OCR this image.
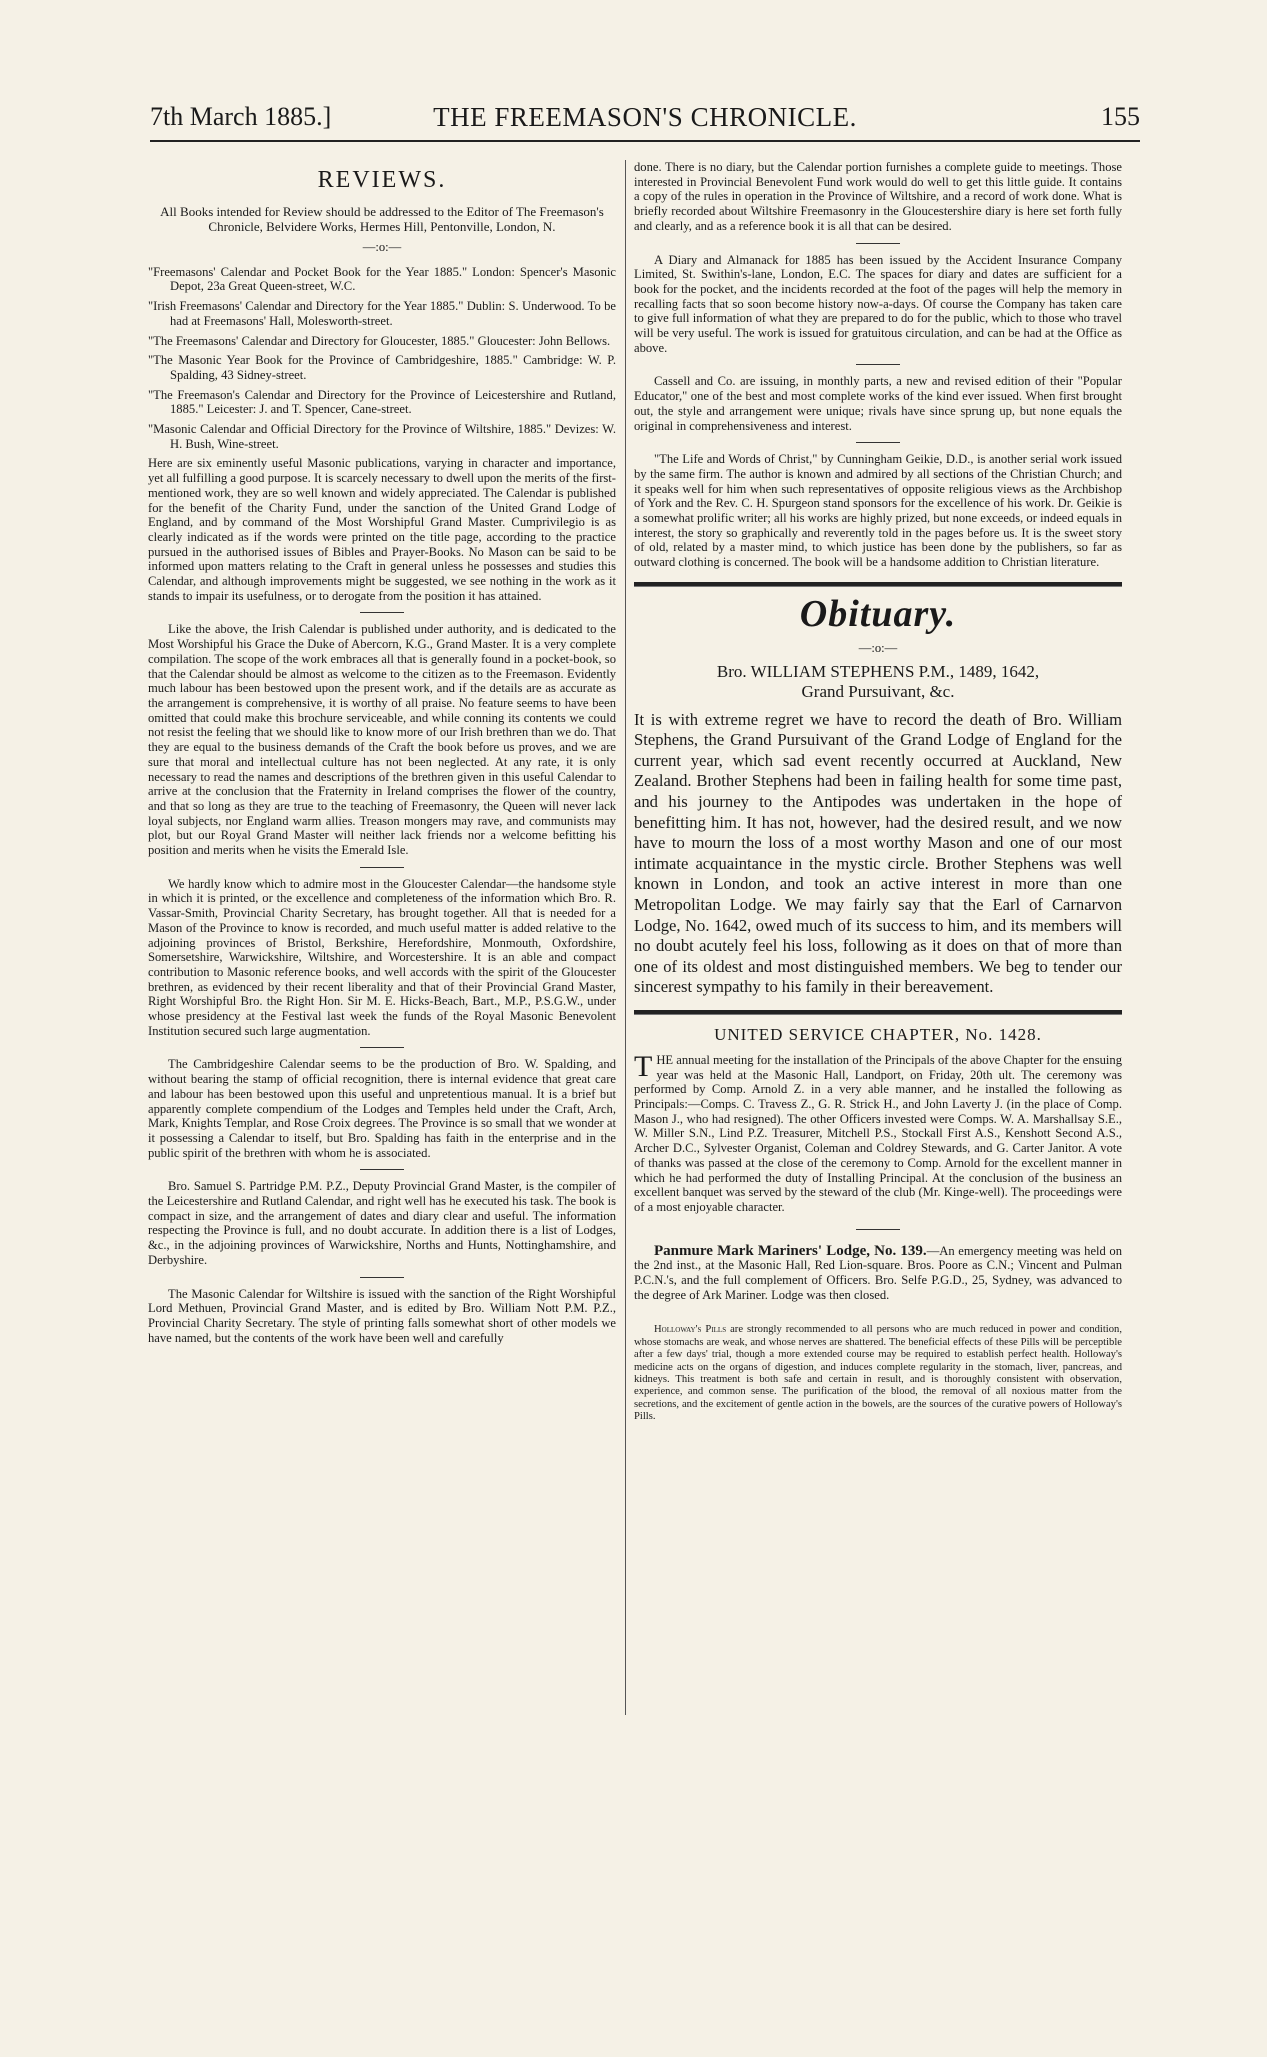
7th March 1885.]	THE FREEMASON'S CHRONICLE.	155
REVIEWS.

All Books intended for Review should be addressed to the Editor of The Freemason's Chronicle, Belvidere Works, Hermes Hill, Pentonville, London, N.

—:o:—

"Freemasons' Calendar and Pocket Book for the Year 1885." London: Spencer's Masonic Depot, 23a Great Queen-street, W.C.

"Irish Freemasons' Calendar and Directory for the Year 1885." Dublin: S. Underwood. To be had at Freemasons' Hall, Molesworth-street.

"The Freemasons' Calendar and Directory for Gloucester, 1885." Gloucester: John Bellows.

"The Masonic Year Book for the Province of Cambridgeshire, 1885." Cambridge: W. P. Spalding, 43 Sidney-street.

"The Freemason's Calendar and Directory for the Province of Leicestershire and Rutland, 1885." Leicester: J. and T. Spencer, Cane-street.

"Masonic Calendar and Official Directory for the Province of Wiltshire, 1885." Devizes: W. H. Bush, Wine-street.

Here are six eminently useful Masonic publications, varying in character and importance, yet all fulfilling a good purpose. It is scarcely necessary to dwell upon the merits of the first-mentioned work, they are so well known and widely appreciated. The Calendar is published for the benefit of the Charity Fund, under the sanction of the United Grand Lodge of England, and by command of the Most Worshipful Grand Master. Cumprivilegio is as clearly indicated as if the words were printed on the title page, according to the practice pursued in the authorised issues of Bibles and Prayer-Books. No Mason can be said to be informed upon matters relating to the Craft in general unless he possesses and studies this Calendar, and although improvements might be suggested, we see nothing in the work as it stands to impair its usefulness, or to derogate from the position it has attained.

Like the above, the Irish Calendar is published under authority, and is dedicated to the Most Worshipful his Grace the Duke of Abercorn, K.G., Grand Master. It is a very complete compilation. The scope of the work embraces all that is generally found in a pocket-book, so that the Calendar should be almost as welcome to the citizen as to the Freemason. Evidently much labour has been bestowed upon the present work, and if the details are as accurate as the arrangement is comprehensive, it is worthy of all praise. No feature seems to have been omitted that could make this brochure serviceable, and while conning its contents we could not resist the feeling that we should like to know more of our Irish brethren than we do. That they are equal to the business demands of the Craft the book before us proves, and we are sure that moral and intellectual culture has not been neglected. At any rate, it is only necessary to read the names and descriptions of the brethren given in this useful Calendar to arrive at the conclusion that the Fraternity in Ireland comprises the flower of the country, and that so long as they are true to the teaching of Freemasonry, the Queen will never lack loyal subjects, nor England warm allies. Treason mongers may rave, and communists may plot, but our Royal Grand Master will neither lack friends nor a welcome befitting his position and merits when he visits the Emerald Isle.

We hardly know which to admire most in the Gloucester Calendar—the handsome style in which it is printed, or the excellence and completeness of the information which Bro. R. Vassar-Smith, Provincial Charity Secretary, has brought together. All that is needed for a Mason of the Province to know is recorded, and much useful matter is added relative to the adjoining provinces of Bristol, Berkshire, Herefordshire, Monmouth, Oxfordshire, Somersetshire, Warwickshire, Wiltshire, and Worcestershire. It is an able and compact contribution to Masonic reference books, and well accords with the spirit of the Gloucester brethren, as evidenced by their recent liberality and that of their Provincial Grand Master, Right Worshipful Bro. the Right Hon. Sir M. E. Hicks-Beach, Bart., M.P., P.S.G.W., under whose presidency at the Festival last week the funds of the Royal Masonic Benevolent Institution secured such large augmentation.

The Cambridgeshire Calendar seems to be the production of Bro. W. Spalding, and without bearing the stamp of official recognition, there is internal evidence that great care and labour has been bestowed upon this useful and unpretentious manual. It is a brief but apparently complete compendium of the Lodges and Temples held under the Craft, Arch, Mark, Knights Templar, and Rose Croix degrees. The Province is so small that we wonder at it possessing a Calendar to itself, but Bro. Spalding has faith in the enterprise and in the public spirit of the brethren with whom he is associated.

Bro. Samuel S. Partridge P.M. P.Z., Deputy Provincial Grand Master, is the compiler of the Leicestershire and Rutland Calendar, and right well has he executed his task. The book is compact in size, and the arrangement of dates and diary clear and useful. The information respecting the Province is full, and no doubt accurate. In addition there is a list of Lodges, &c., in the adjoining provinces of Warwickshire, Norths and Hunts, Nottinghamshire, and Derbyshire.

The Masonic Calendar for Wiltshire is issued with the sanction of the Right Worshipful Lord Methuen, Provincial Grand Master, and is edited by Bro. William Nott P.M. P.Z., Provincial Charity Secretary. The style of printing falls somewhat short of other models we have named, but the contents of the work have been well and carefully

done. There is no diary, but the Calendar portion furnishes a complete guide to meetings. Those interested in Provincial Benevolent Fund work would do well to get this little guide. It contains a copy of the rules in operation in the Province of Wiltshire, and a record of work done. What is briefly recorded about Wiltshire Freemasonry in the Gloucestershire diary is here set forth fully and clearly, and as a reference book it is all that can be desired.

A Diary and Almanack for 1885 has been issued by the Accident Insurance Company Limited, St. Swithin's-lane, London, E.C. The spaces for diary and dates are sufficient for a book for the pocket, and the incidents recorded at the foot of the pages will help the memory in recalling facts that so soon become history now-a-days. Of course the Company has taken care to give full information of what they are prepared to do for the public, which to those who travel will be very useful. The work is issued for gratuitous circulation, and can be had at the Office as above.

Cassell and Co. are issuing, in monthly parts, a new and revised edition of their "Popular Educator," one of the best and most complete works of the kind ever issued. When first brought out, the style and arrangement were unique; rivals have since sprung up, but none equals the original in comprehensiveness and interest.

"The Life and Words of Christ," by Cunningham Geikie, D.D., is another serial work issued by the same firm. The author is known and admired by all sections of the Christian Church; and it speaks well for him when such representatives of opposite religious views as the Archbishop of York and the Rev. C. H. Spurgeon stand sponsors for the excellence of his work. Dr. Geikie is a somewhat prolific writer; all his works are highly prized, but none exceeds, or indeed equals in interest, the story so graphically and reverently told in the pages before us. It is the sweet story of old, related by a master mind, to which justice has been done by the publishers, so far as outward clothing is concerned. The book will be a handsome addition to Christian literature.

Obituary.
—:o:—
Bro. WILLIAM STEPHENS P.M., 1489, 1642,
Grand Pursuivant, &c.

It is with extreme regret we have to record the death of Bro. William Stephens, the Grand Pursuivant of the Grand Lodge of England for the current year, which sad event recently occurred at Auckland, New Zealand. Brother Stephens had been in failing health for some time past, and his journey to the Antipodes was undertaken in the hope of benefitting him. It has not, however, had the desired result, and we now have to mourn the loss of a most worthy Mason and one of our most intimate acquaintance in the mystic circle. Brother Stephens was well known in London, and took an active interest in more than one Metropolitan Lodge. We may fairly say that the Earl of Carnarvon Lodge, No. 1642, owed much of its success to him, and its members will no doubt acutely feel his loss, following as it does on that of more than one of its oldest and most distinguished members. We beg to tender our sincerest sympathy to his family in their bereavement.

UNITED SERVICE CHAPTER, No. 1428.

THE annual meeting for the installation of the Principals of the above Chapter for the ensuing year was held at the Masonic Hall, Landport, on Friday, 20th ult. The ceremony was performed by Comp. Arnold Z. in a very able manner, and he installed the following as Principals:—Comps. C. Travess Z., G. R. Strick H., and John Laverty J. (in the place of Comp. Mason J., who had resigned). The other Officers invested were Comps. W. A. Marshallsay S.E., W. Miller S.N., Lind P.Z. Treasurer, Mitchell P.S., Stockall First A.S., Kenshott Second A.S., Archer D.C., Sylvester Organist, Coleman and Coldrey Stewards, and G. Carter Janitor. A vote of thanks was passed at the close of the ceremony to Comp. Arnold for the excellent manner in which he had performed the duty of Installing Principal. At the conclusion of the business an excellent banquet was served by the steward of the club (Mr. Kinge-well). The proceedings were of a most enjoyable character.

Panmure Mark Mariners' Lodge, No. 139.—An emergency meeting was held on the 2nd inst., at the Masonic Hall, Red Lion-square. Bros. Poore as C.N.; Vincent and Pulman P.C.N.'s, and the full complement of Officers. Bro. Selfe P.G.D., 25, Sydney, was advanced to the degree of Ark Mariner. Lodge was then closed.

Holloway's Pills are strongly recommended to all persons who are much reduced in power and condition, whose stomachs are weak, and whose nerves are shattered. The beneficial effects of these Pills will be perceptible after a few days' trial, though a more extended course may be required to establish perfect health. Holloway's medicine acts on the organs of digestion, and induces complete regularity in the stomach, liver, pancreas, and kidneys. This treatment is both safe and certain in result, and is thoroughly consistent with observation, experience, and common sense. The purification of the blood, the removal of all noxious matter from the secretions, and the excitement of gentle action in the bowels, are the sources of the curative powers of Holloway's Pills.
